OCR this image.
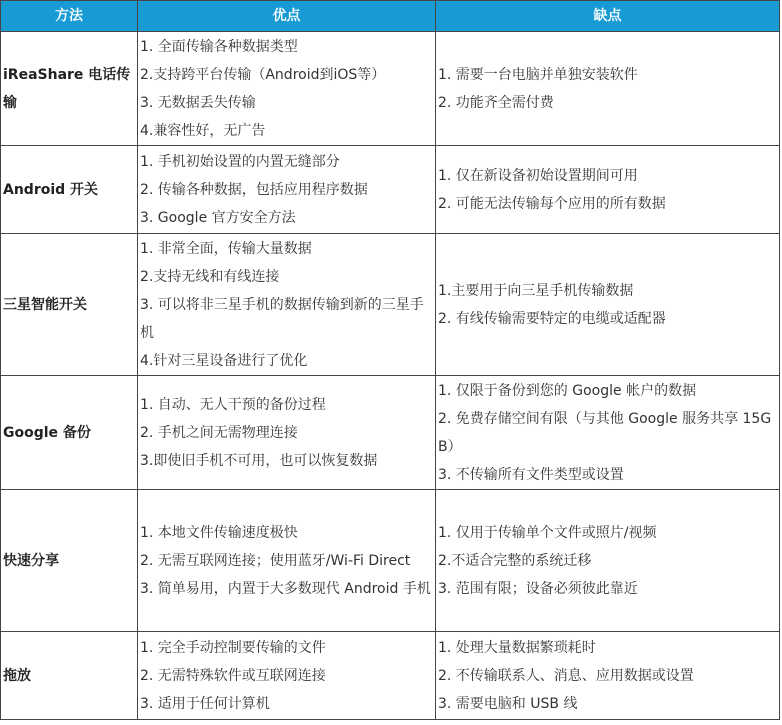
方法	优点	缺点
iReaShare 电话传输	1. 全面传输各种数据类型
2.支持跨平台传输（Android到iOS等）
3. 无数据丢失传输
4.兼容性好，无广告	1. 需要一台电脑并单独安装软件
2. 功能齐全需付费

Android 开关	1. 手机初始设置的内置无缝部分
2. 传输各种数据，包括应用程序数据
3. Google 官方安全方法	1. 仅在新设备初始设置期间可用
2. 可能无法传输每个应用的所有数据

三星智能开关	1. 非常全面，传输大量数据
2.支持无线和有线连接
3. 可以将非三星手机的数据传输到新的三星手机
4.针对三星设备进行了优化	1.主要用于向三星手机传输数据
2. 有线传输需要特定的电缆或适配器

Google 备份	1. 自动、无人干预的备份过程
2. 手机之间无需物理连接
3.即使旧手机不可用，也可以恢复数据	1. 仅限于备份到您的 Google 帐户的数据
2. 免费存储空间有限（与其他 Google 服务共享 15GB）
3. 不传输所有文件类型或设置

快速分享	1. 本地文件传输速度极快
2. 无需互联网连接；使用蓝牙/Wi-Fi Direct
3. 简单易用，内置于大多数现代 Android 手机	1. 仅用于传输单个文件或照片/视频
2.不适合完整的系统迁移
3. 范围有限；设备必须彼此靠近

拖放	1. 完全手动控制要传输的文件
2. 无需特殊软件或互联网连接
3. 适用于任何计算机	1. 处理大量数据繁琐耗时
2. 不传输联系人、消息、应用数据或设置
3. 需要电脑和 USB 线
